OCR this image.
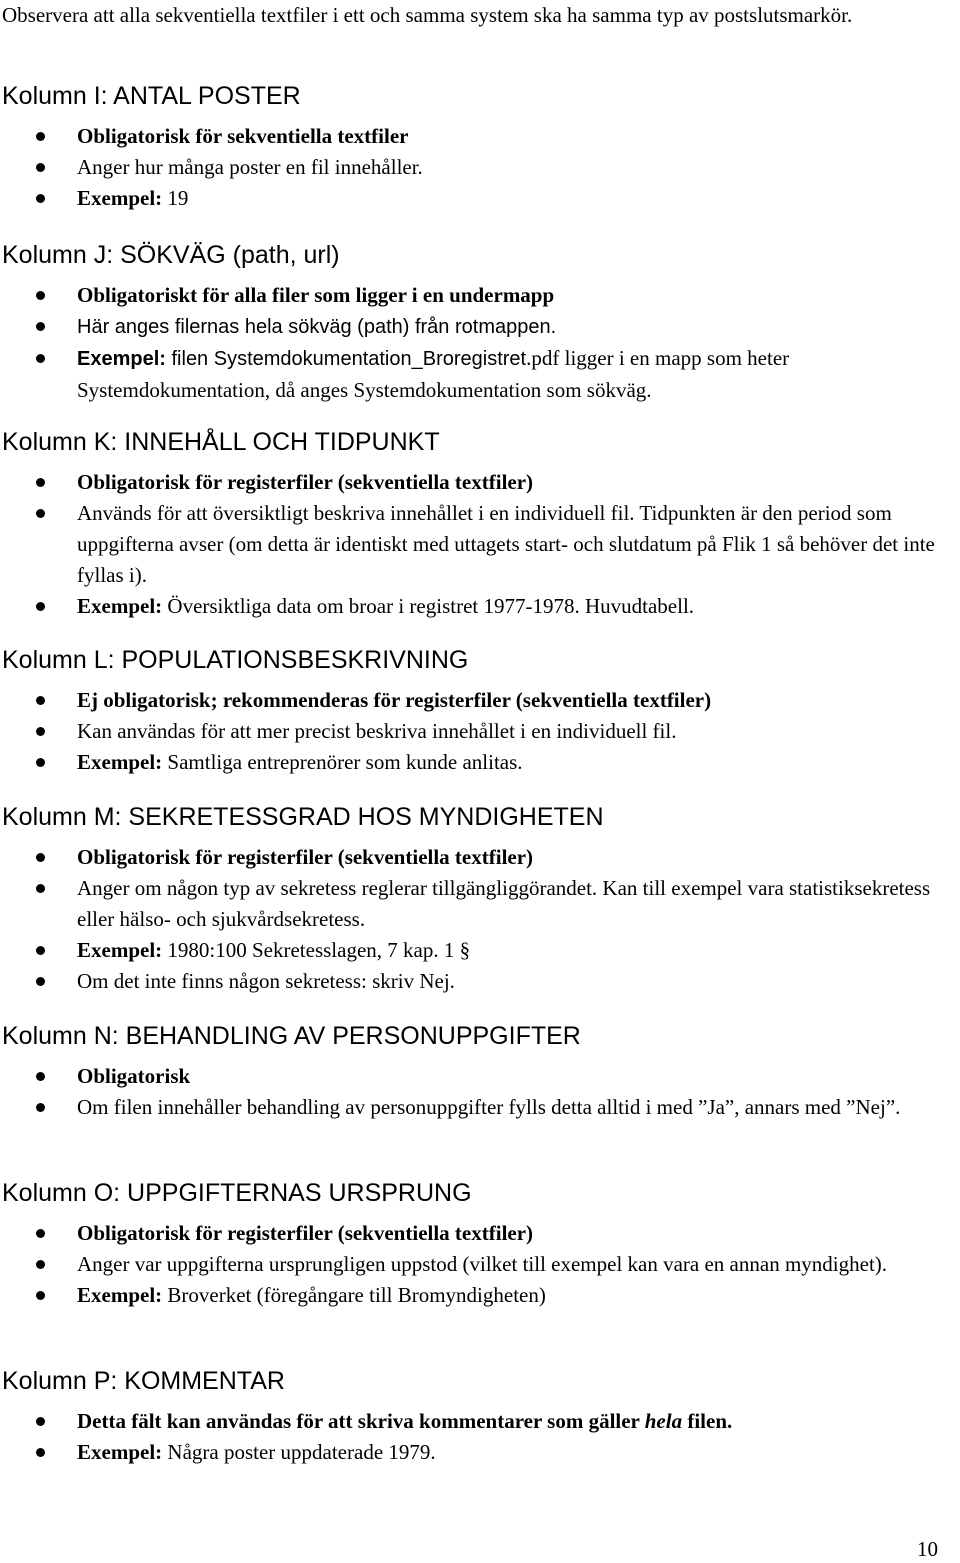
Observera att alla sekventiella textfiler i ett och samma system ska ha samma typ av postslutsmarkör.
Kolumn I: ANTAL POSTER
Obligatorisk för sekventiella textfiler
Anger hur många poster en fil innehåller.
Exempel: 19
Kolumn J: SÖKVÄG (path, url)
Obligatoriskt för alla filer som ligger i en undermapp
Här anges filernas hela sökväg (path) från rotmappen.
Exempel: filen Systemdokumentation_Broregistret.pdf ligger i en mapp som heter Systemdokumentation, då anges Systemdokumentation som sökväg.
Kolumn K: INNEHÅLL OCH TIDPUNKT
Obligatorisk för registerfiler (sekventiella textfiler)
Används för att översiktligt beskriva innehållet i en individuell fil. Tidpunkten är den period som uppgifterna avser (om detta är identiskt med uttagets start- och slutdatum på Flik 1 så behöver det inte fyllas i).
Exempel: Översiktliga data om broar i registret 1977-1978. Huvudtabell.
Kolumn L: POPULATIONSBESKRIVNING
Ej obligatorisk; rekommenderas för registerfiler (sekventiella textfiler)
Kan användas för att mer precist beskriva innehållet i en individuell fil.
Exempel: Samtliga entreprenörer som kunde anlitas.
Kolumn M: SEKRETESSGRAD HOS MYNDIGHETEN
Obligatorisk för registerfiler (sekventiella textfiler)
Anger om någon typ av sekretess reglerar tillgängliggörandet. Kan till exempel vara statistiksekretess eller hälso- och sjukvårdsekretess.
Exempel: 1980:100 Sekretesslagen, 7 kap. 1 §
Om det inte finns någon sekretess: skriv Nej.
Kolumn N: BEHANDLING AV PERSONUPPGIFTER
Obligatorisk
Om filen innehåller behandling av personuppgifter fylls detta alltid i med ”Ja”, annars med ”Nej”.
Kolumn O: UPPGIFTERNAS URSPRUNG
Obligatorisk för registerfiler (sekventiella textfiler)
Anger var uppgifterna ursprungligen uppstod (vilket till exempel kan vara en annan myndighet).
Exempel: Broverket (föregångare till Bromyndigheten)
Kolumn P: KOMMENTAR
Detta fält kan användas för att skriva kommentarer som gäller hela filen.
Exempel: Några poster uppdaterade 1979.
10
